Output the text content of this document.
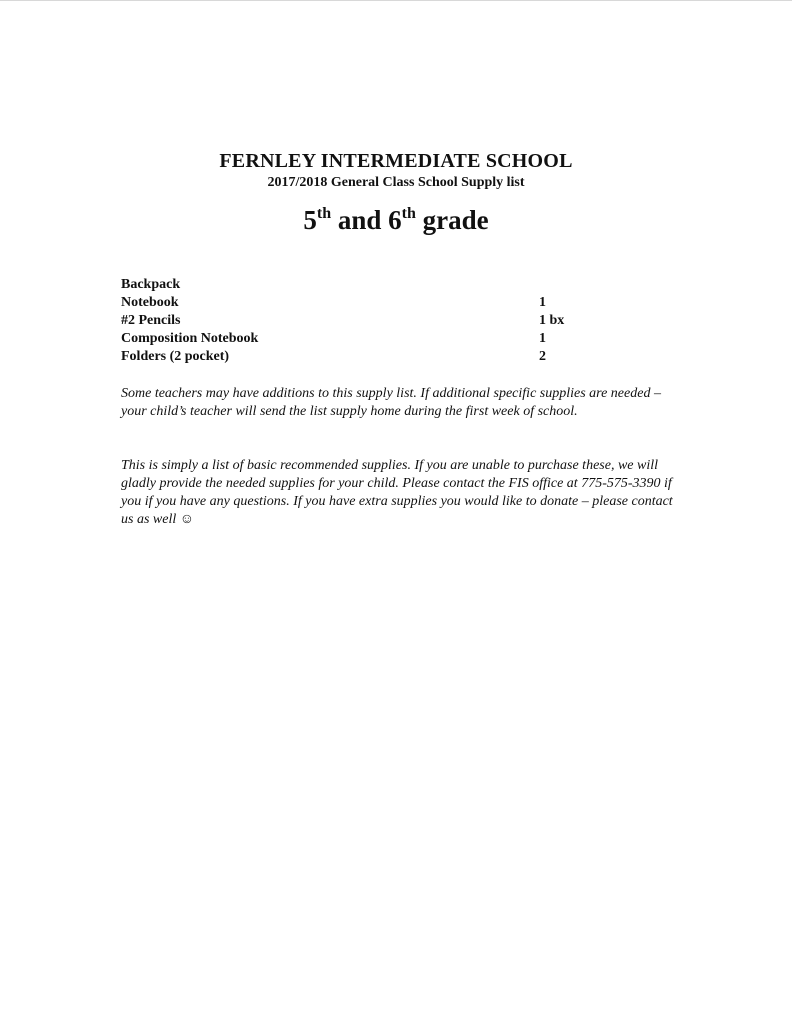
FERNLEY INTERMEDIATE SCHOOL
2017/2018 General Class School Supply list
5th and 6th grade
Backpack
Notebook	1
#2 Pencils	1 bx
Composition Notebook	1
Folders (2 pocket)	2

Some teachers may have additions to this supply list. If additional specific supplies are needed –your child’s teacher will send the list supply home during the first week of school.

This is simply a list of basic recommended supplies. If you are unable to purchase these, we will gladly provide the needed supplies for your child. Please contact the FIS office at 775-575-3390 if you if you have any questions. If you have extra supplies you would like to donate – please contact us as well ☺
